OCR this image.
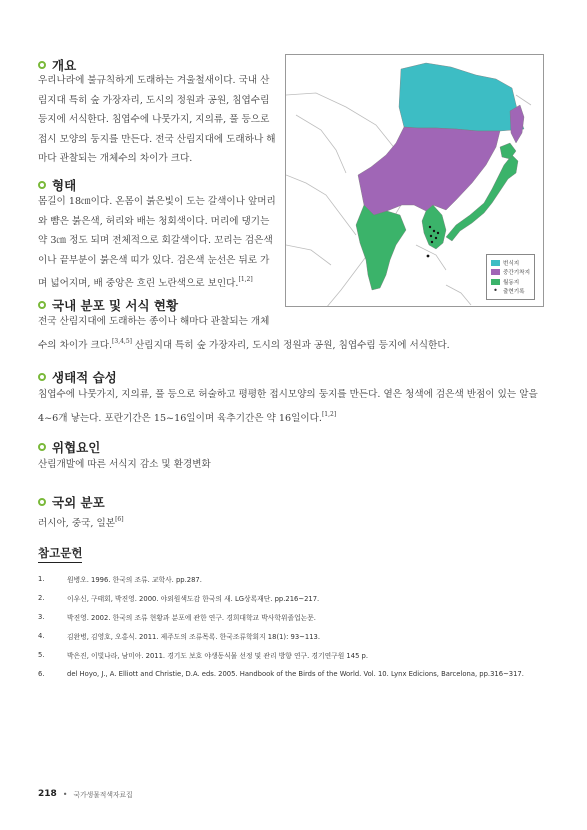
개요
우리나라에 불규칙하게 도래하는 겨울철새이다. 국내 산
림지대 특히 숲 가장자리, 도시의 정원과 공원, 침엽수림
등지에 서식한다. 침엽수에 나뭇가지, 지의류, 풀 등으로
접시 모양의 둥지를 만든다. 전국 산림지대에 도래하나 해
마다 관찰되는 개체수의 차이가 크다.
형태
몸길이 18㎝이다. 온몸이 붉은빛이 도는 갈색이나 앞머리
와 뺨은 붉은색, 허리와 배는 청회색이다. 머리에 댕기는
약 3㎝ 정도 되며 전체적으로 회갈색이다. 꼬리는 검은색
이나 끝부분이 붉은색 띠가 있다. 검은색 눈선은 뒤로 가
며 넓어지며, 배 중앙은 흐린 노란색으로 보인다.[1,2]
국내 분포 및 서식 현황
전국 산림지대에 도래하는 종이나 해마다 관찰되는 개체
수의 차이가 크다.[3,4,5] 산림지대 특히 숲 가장자리, 도시의 정원과 공원, 침엽수림 등지에 서식한다.
생태적 습성
침엽수에 나뭇가지, 지의류, 풀 등으로 허술하고 평평한 접시모양의 둥지를 만든다. 옅은 청색에 검은색 반점이 있는 알을
4~6개 낳는다. 포란기간은 15~16일이며 육추기간은 약 16일이다.[1,2]
위협요인
산림개발에 따른 서식지 감소 및 환경변화
국외 분포
러시아, 중국, 일본[6]
번식지
중간기착지
월동지
• 출현기록
참고문헌
1.	원병오. 1996. 한국의 조류. 교학사. pp.287.
2.	이우신, 구태회, 박진영. 2000. 야외원색도감 한국의 새. LG상록재단. pp.216~217.
3.	박진영. 2002. 한국의 조류 현황과 분포에 관한 연구. 경희대학교 박사학위졸업논문.
4.	김완병, 김영호, 오홍식. 2011. 제주도의 조류목록. 한국조류학회지 18(1): 93~113.
5.	박은진, 이빛나라, 남미아. 2011. 경기도 보호 야생동식물 선정 및 관리 방향 연구. 경기연구원 145 p.
6.	del Hoyo, J., A. Elliott and Christie, D.A. eds. 2005. Handbook of the Birds of the World. Vol. 10. Lynx Edicions, Barcelona, pp.316~317.
218 • 국가생물적색자료집
